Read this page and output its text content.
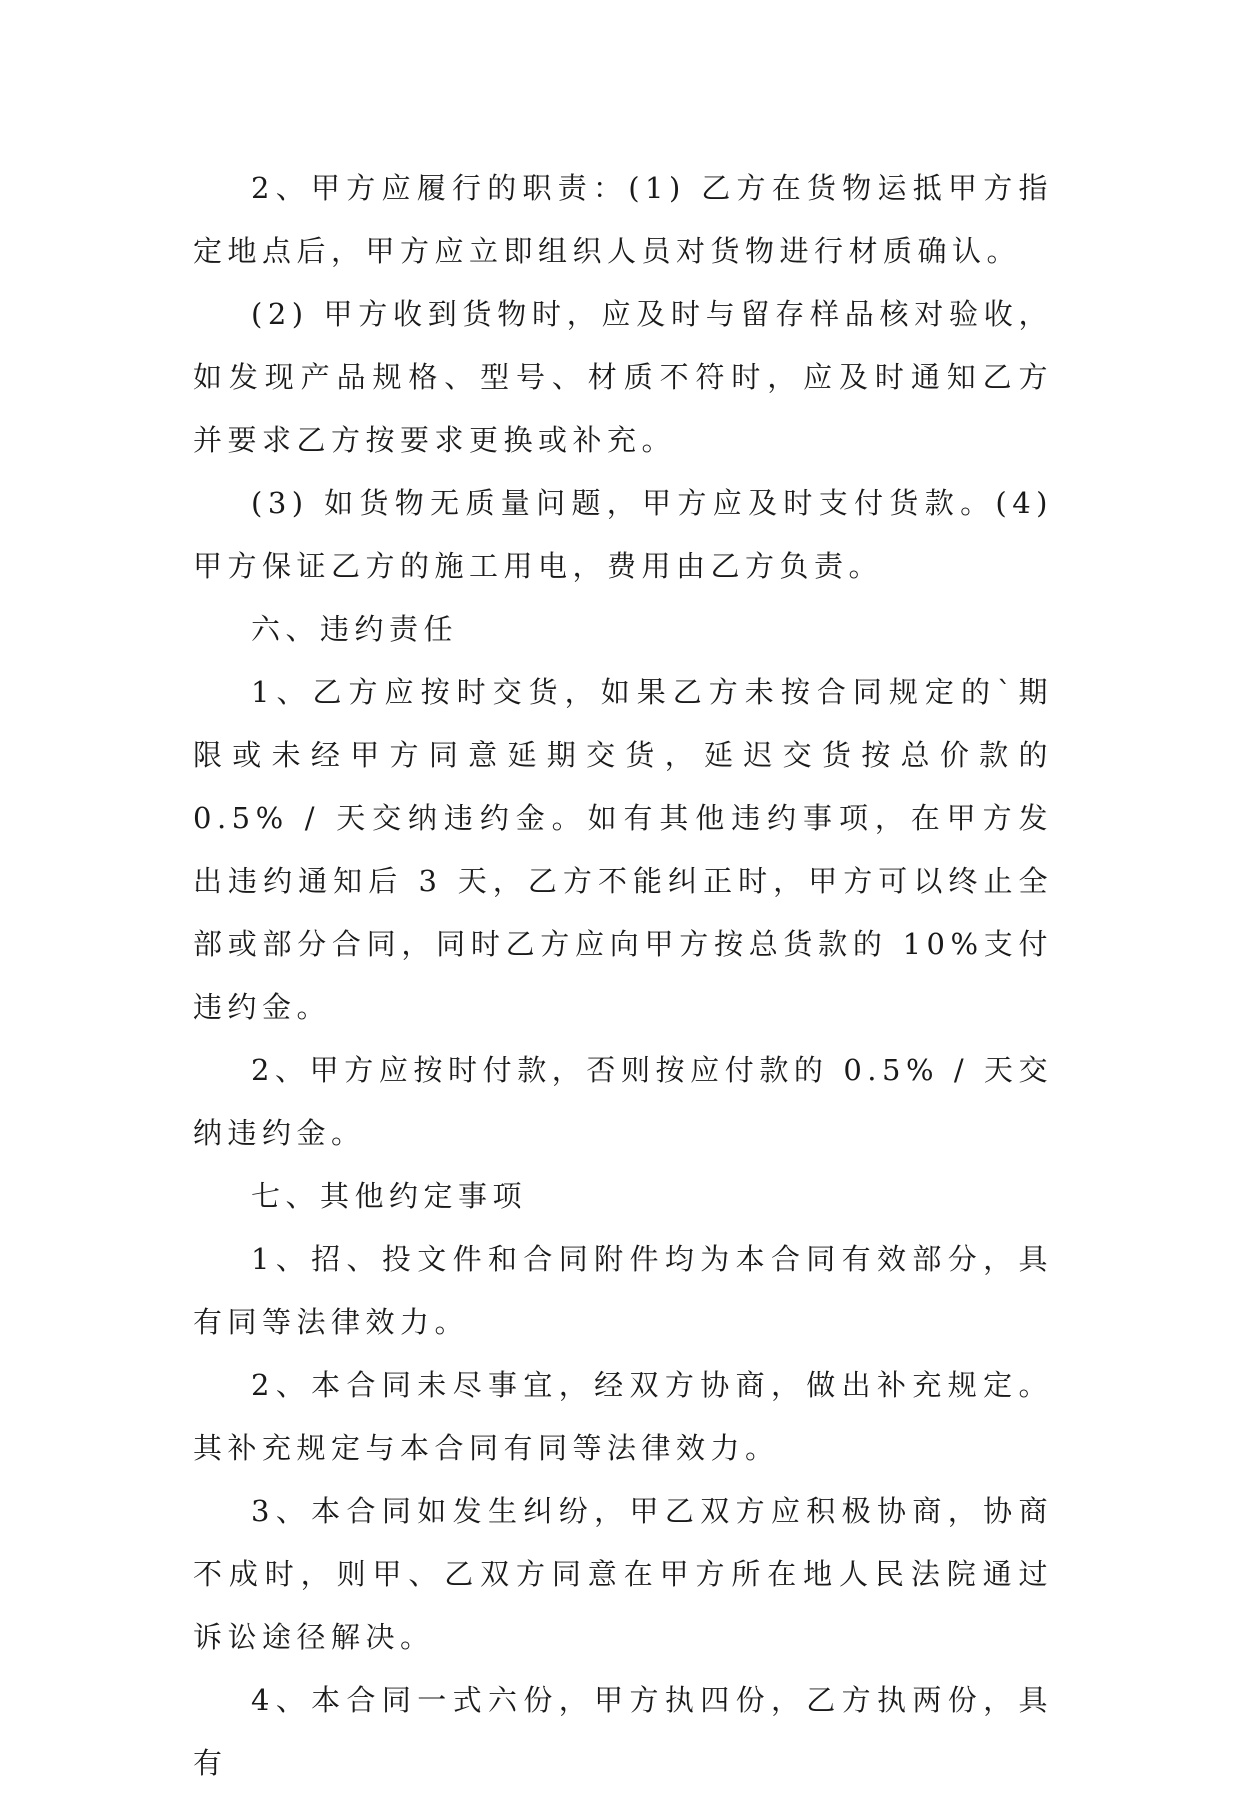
2、甲方应履行的职责：(1) 乙方在货物运抵甲方指定地点后，甲方应立即组织人员对货物进行材质确认。

(2) 甲方收到货物时，应及时与留存样品核对验收，如发现产品规格、型号、材质不符时，应及时通知乙方并要求乙方按要求更换或补充。

(3) 如货物无质量问题，甲方应及时支付货款。(4) 甲方保证乙方的施工用电，费用由乙方负责。

六、违约责任

1、乙方应按时交货，如果乙方未按合同规定的`期限或未经甲方同意延期交货，延迟交货按总价款的 0.5% / 天交纳违约金。如有其他违约事项，在甲方发出违约通知后 3 天，乙方不能纠正时，甲方可以终止全部或部分合同，同时乙方应向甲方按总货款的 10%支付违约金。

2、甲方应按时付款，否则按应付款的 0.5% / 天交纳违约金。

七、其他约定事项

1、招、投文件和合同附件均为本合同有效部分，具有同等法律效力。

2、本合同未尽事宜，经双方协商，做出补充规定。其补充规定与本合同有同等法律效力。

3、本合同如发生纠纷，甲乙双方应积极协商，协商不成时，则甲、乙双方同意在甲方所在地人民法院通过诉讼途径解决。

4、本合同一式六份，甲方执四份，乙方执两份，具有
